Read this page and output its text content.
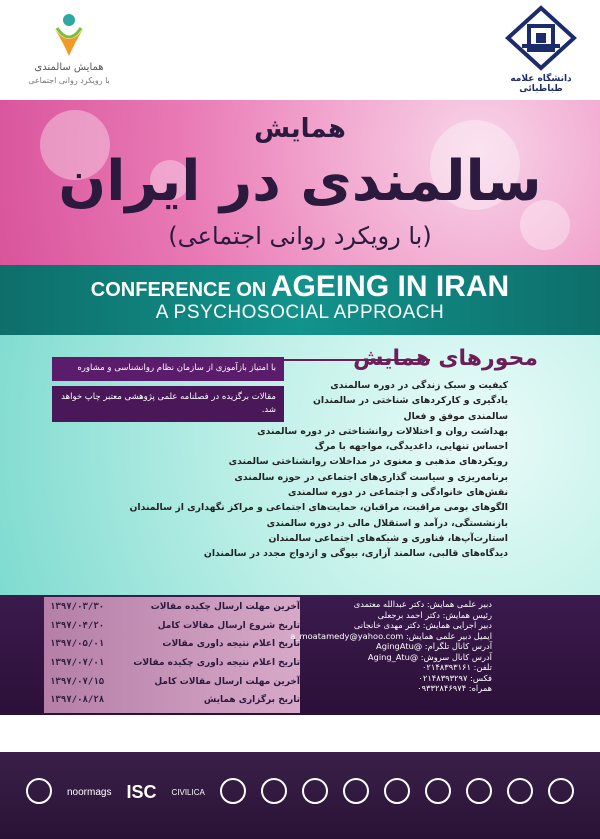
همایش سالمندی
با رویکرد روانی اجتماعی	دانشگاه علامه طباطبائی
همایش
سالمندی در ایران
(با رویکرد روانی اجتماعی)
CONFERENCE ON AGEING IN IRAN
A PSYCHOSOCIAL APPROACH
محورهای همایش
کیفیت و سبک زندگی در دوره سالمندی
یادگیری و کارکردهای شناختی در سالمندان
سالمندی موفق و فعال
بهداشت روان و اختلالات روانشناختی در دوره سالمندی
احساس تنهایی، داغدیدگی، مواجهه با مرگ
رویکردهای مذهبی و معنوی در مداخلات روانشناختی سالمندی
برنامه‌ریزی و سیاست گذاری‌های اجتماعی در حوزه سالمندی
نقش‌های خانوادگی و اجتماعی در دوره سالمندی
الگوهای بومی مراقبت، مراقبان، حمایت‌های اجتماعی و مراکز نگهداری از سالمندان
بازنشستگی، درآمد و استقلال مالی در دوره سالمندی
استارت‌آپ‌ها، فناوری و شبکه‌های اجتماعی سالمندان
دیدگاه‌های قالبی، سالمند آزاری، بیوگی و ازدواج مجدد در سالمندان
با امتیاز بازآموزی از سازمان نظام روانشناسی و مشاوره
مقالات برگزیده در فصلنامه علمی پژوهشی معتبر چاپ خواهد شد.
۱۳۹۷/۰۳/۳۰	آخرین مهلت ارسال چکیده مقالات
۱۳۹۷/۰۴/۲۰	تاریخ شروع ارسال مقالات کامل
۱۳۹۷/۰۵/۰۱	تاریخ اعلام نتیجه داوری مقالات
۱۳۹۷/۰۷/۰۱	تاریخ اعلام نتیجه داوری چکیده مقالات
۱۳۹۷/۰۷/۱۵	آخرین مهلت ارسال مقالات کامل
۱۳۹۷/۰۸/۲۸	تاریخ برگزاری همایش
دبیر علمی همایش: دکتر عبدالله معتمدی
رئیس همایش: دکتر احمد برجعلی
دبیر اجرایی همایش: دکتر مهدی خانجانی
ایمیل دبیر علمی همایش: a_moatamedy@yahoo.com
آدرس کانال تلگرام: @AgingAtu
آدرس کانال سروش: @Aging_Atu
تلفن: ۰۲۱۴۸۳۹۳۱۶۱
فکس: ۰۲۱۴۸۳۹۳۲۹۷
همراه: ۰۹۳۳۲۸۴۶۹۷۴
مکان: سالن آمفی تئاتر دانشکده روانشناسی و علوم تربیتی دانشگاه علامه طباطبائی
www.aging.atu.ac.ir
noormags ISC CIVILICA
